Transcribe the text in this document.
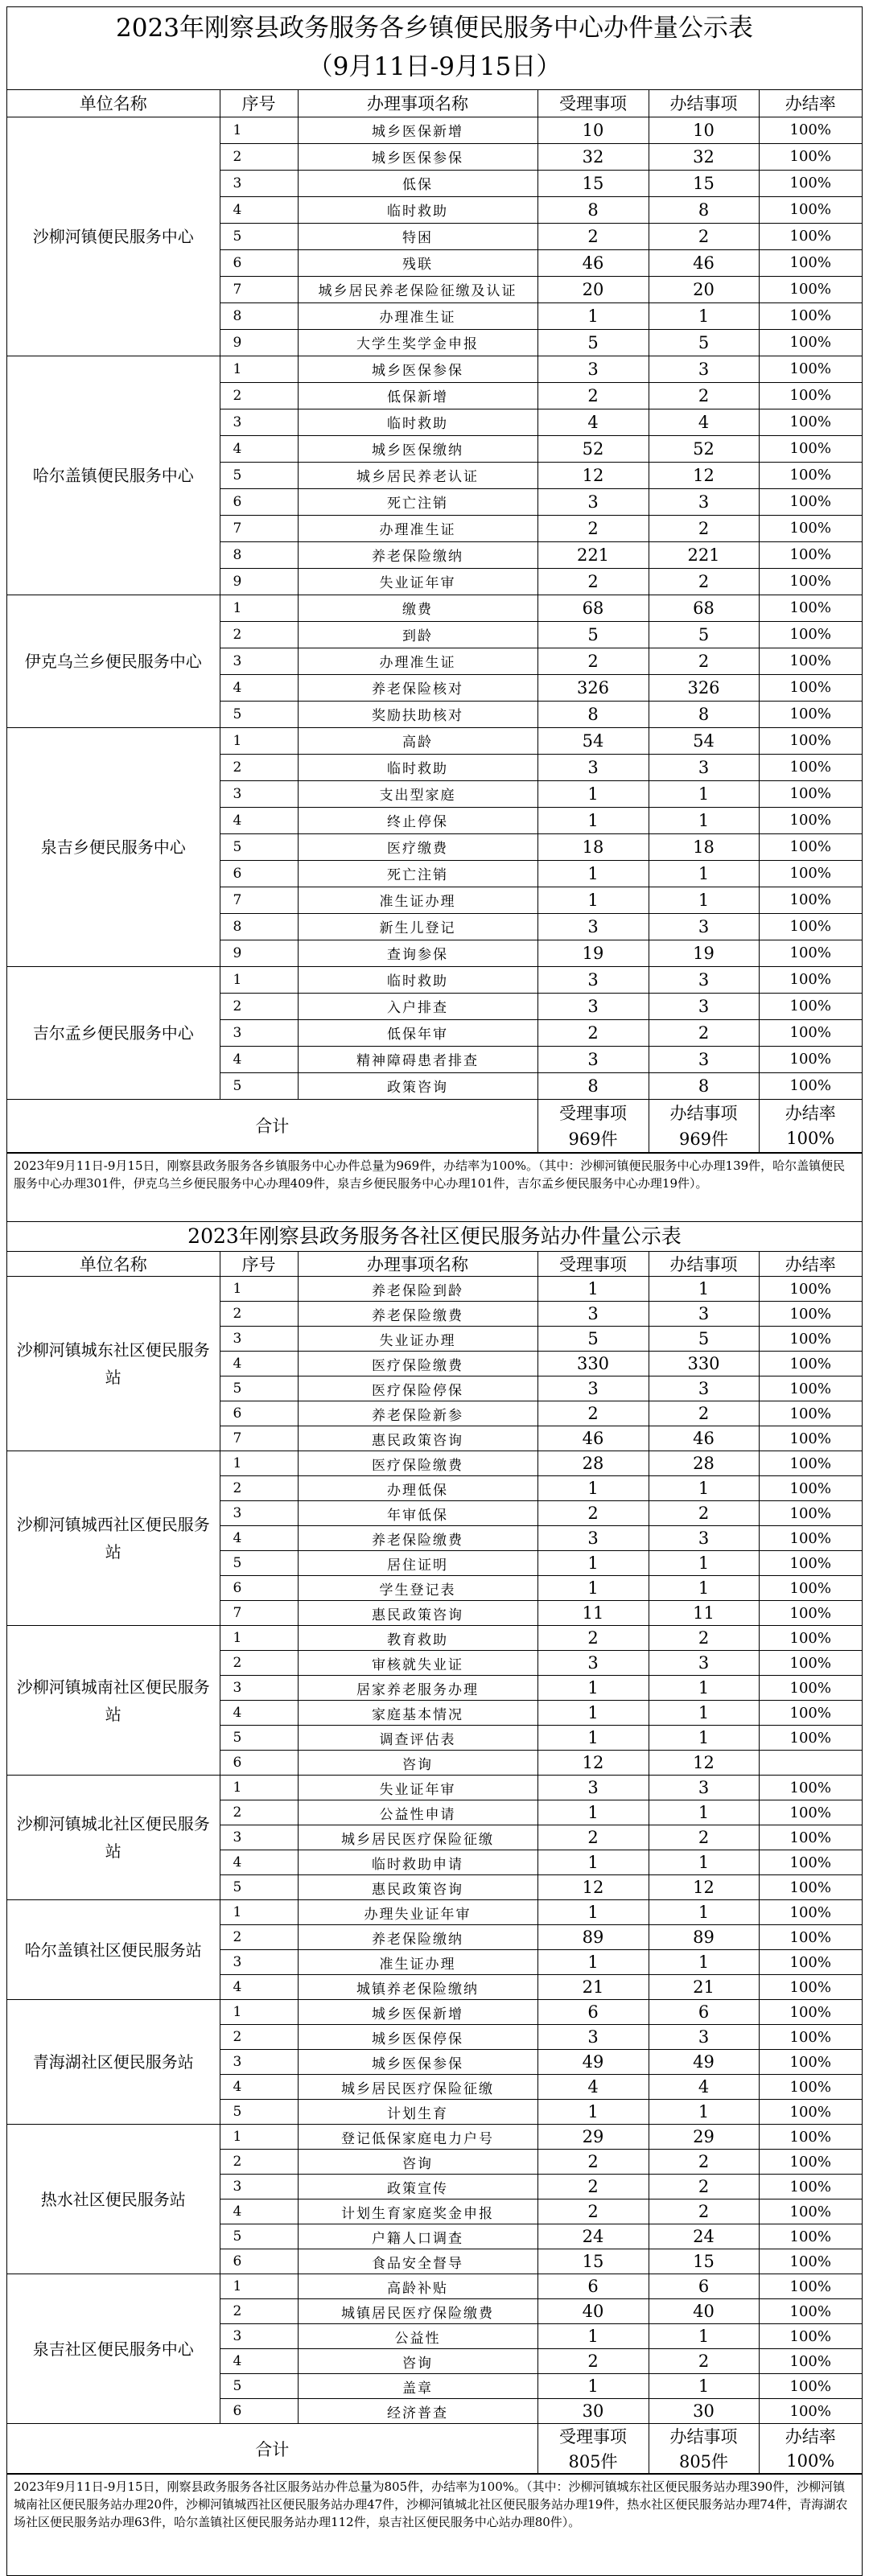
2023年刚察县政务服务各乡镇便民服务中心办件量公示表
（9月11日-9月15日）
单位名称	序号	办理事项名称	受理事项	办结事项	办结率
沙柳河镇便民服务中心	1	城乡医保新增	10	10	100%
	2	城乡医保参保	32	32	100%
	3	低保	15	15	100%
	4	临时救助	8	8	100%
	5	特困	2	2	100%
	6	残联	46	46	100%
	7	城乡居民养老保险征缴及认证	20	20	100%
	8	办理准生证	1	1	100%
	9	大学生奖学金申报	5	5	100%
哈尔盖镇便民服务中心	1	城乡医保参保	3	3	100%
	2	低保新增	2	2	100%
	3	临时救助	4	4	100%
	4	城乡医保缴纳	52	52	100%
	5	城乡居民养老认证	12	12	100%
	6	死亡注销	3	3	100%
	7	办理准生证	2	2	100%
	8	养老保险缴纳	221	221	100%
	9	失业证年审	2	2	100%
伊克乌兰乡便民服务中心	1	缴费	68	68	100%
	2	到龄	5	5	100%
	3	办理准生证	2	2	100%
	4	养老保险核对	326	326	100%
	5	奖励扶助核对	8	8	100%
泉吉乡便民服务中心	1	高龄	54	54	100%
	2	临时救助	3	3	100%
	3	支出型家庭	1	1	100%
	4	终止停保	1	1	100%
	5	医疗缴费	18	18	100%
	6	死亡注销	1	1	100%
	7	准生证办理	1	1	100%
	8	新生儿登记	3	3	100%
	9	查询参保	19	19	100%
吉尔孟乡便民服务中心	1	临时救助	3	3	100%
	2	入户排查	3	3	100%
	3	低保年审	2	2	100%
	4	精神障碍患者排查	3	3	100%
	5	政策咨询	8	8	100%
合计			受理事项	办结事项	办结率
			969件	969件	100%
2023年9月11日-9月15日，刚察县政务服务各乡镇服务中心办件总量为969件，办结率为100%。（其中：沙柳河镇便民服务中心办理139件，哈尔盖镇便民服务中心办理301件，伊克乌兰乡便民服务中心办理409件，泉吉乡便民服务中心办理101件，吉尔孟乡便民服务中心办理19件）。
2023年刚察县政务服务各社区便民服务站办件量公示表
单位名称	序号	办理事项名称	受理事项	办结事项	办结率
沙柳河镇城东社区便民服务站	1	养老保险到龄	1	1	100%
	2	养老保险缴费	3	3	100%
	3	失业证办理	5	5	100%
	4	医疗保险缴费	330	330	100%
	5	医疗保险停保	3	3	100%
	6	养老保险新参	2	2	100%
	7	惠民政策咨询	46	46	100%
沙柳河镇城西社区便民服务站	1	医疗保险缴费	28	28	100%
	2	办理低保	1	1	100%
	3	年审低保	2	2	100%
	4	养老保险缴费	3	3	100%
	5	居住证明	1	1	100%
	6	学生登记表	1	1	100%
	7	惠民政策咨询	11	11	100%
沙柳河镇城南社区便民服务站	1	教育救助	2	2	100%
	2	审核就失业证	3	3	100%
	3	居家养老服务办理	1	1	100%
	4	家庭基本情况	1	1	100%
	5	调查评估表	1	1	100%
	6	咨询	12	12	
沙柳河镇城北社区便民服务站	1	失业证年审	3	3	100%
	2	公益性申请	1	1	100%
	3	城乡居民医疗保险征缴	2	2	100%
	4	临时救助申请	1	1	100%
	5	惠民政策咨询	12	12	100%
哈尔盖镇社区便民服务站	1	办理失业证年审	1	1	100%
	2	养老保险缴纳	89	89	100%
	3	准生证办理	1	1	100%
	4	城镇养老保险缴纳	21	21	100%
青海湖社区便民服务站	1	城乡医保新增	6	6	100%
	2	城乡医保停保	3	3	100%
	3	城乡医保参保	49	49	100%
	4	城乡居民医疗保险征缴	4	4	100%
	5	计划生育	1	1	100%
热水社区便民服务站	1	登记低保家庭电力户号	29	29	100%
	2	咨询	2	2	100%
	3	政策宣传	2	2	100%
	4	计划生育家庭奖金申报	2	2	100%
	5	户籍人口调查	24	24	100%
	6	食品安全督导	15	15	100%
泉吉社区便民服务中心	1	高龄补贴	6	6	100%
	2	城镇居民医疗保险缴费	40	40	100%
	3	公益性	1	1	100%
	4	咨询	2	2	100%
	5	盖章	1	1	100%
	6	经济普查	30	30	100%
合计			受理事项	办结事项	办结率
			805件	805件	100%
2023年9月11日-9月15日，刚察县政务服务各社区服务站办件总量为805件，办结率为100%。（其中：沙柳河镇城东社区便民服务站办理390件，沙柳河镇城南社区便民服务站办理20件，沙柳河镇城西社区便民服务站办理47件，沙柳河镇城北社区便民服务站办理19件，热水社区便民服务站办理74件，青海湖农场社区便民服务站办理63件，哈尔盖镇社区便民服务站办理112件，泉吉社区便民服务中心站办理80件）。
